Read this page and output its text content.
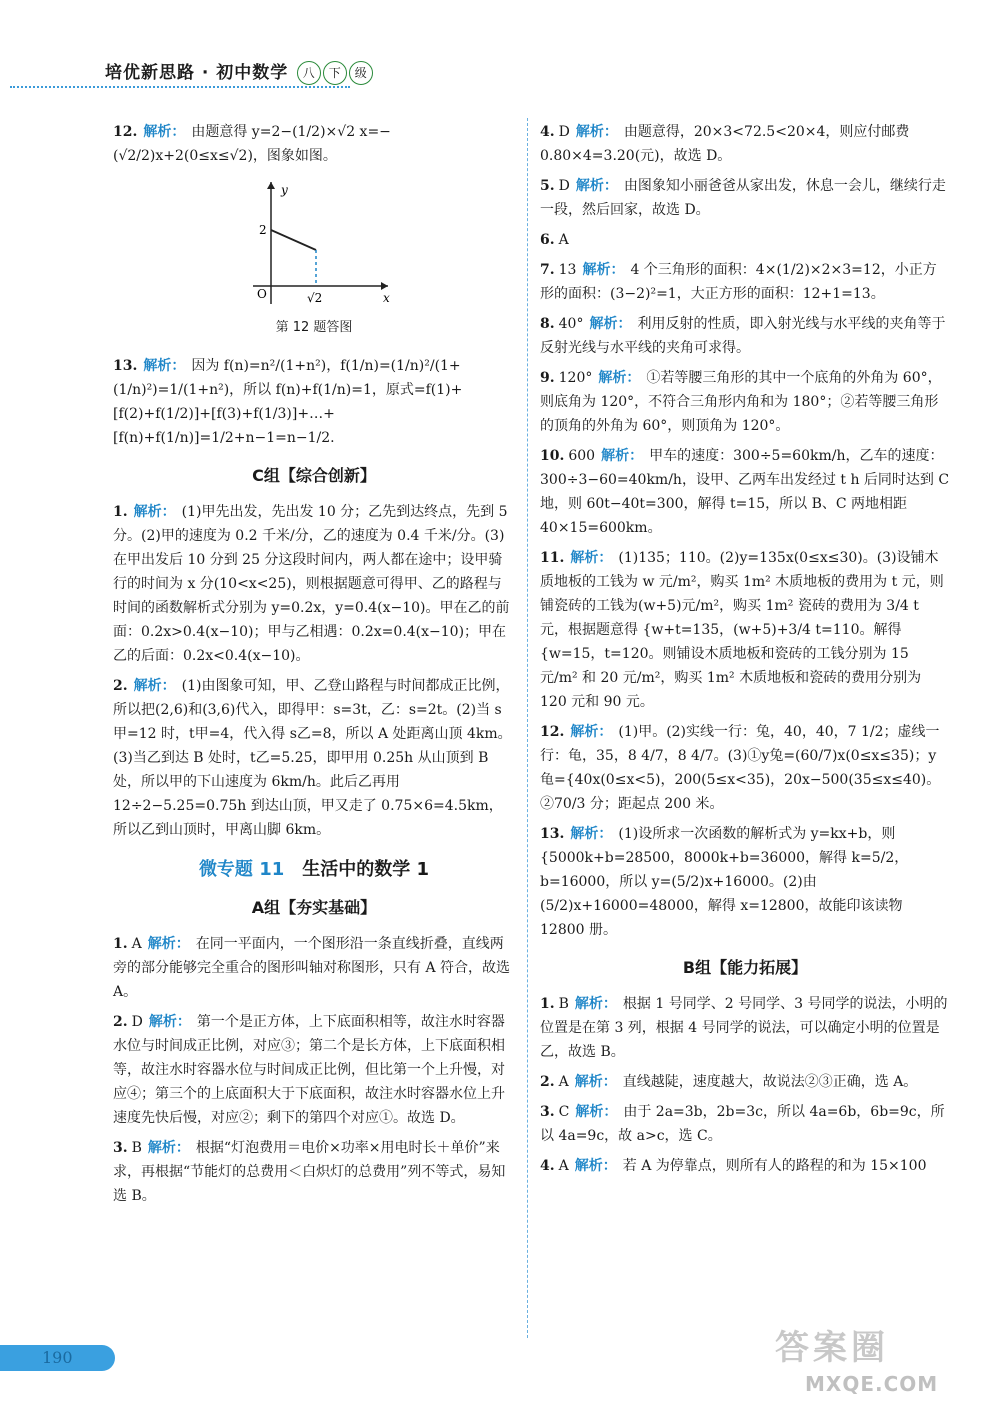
培优新思路 · 初中数学 八 下 级
12. 解析： 由题意得 y=2−(1/2)×√2 x=−(√2/2)x+2(0≤x≤√2)，图象如图。
y
x
O
2
√2
第 12 题答图
13. 解析： 因为 f(n)=n²/(1+n²)，f(1/n)=(1/n)²/(1+(1/n)²)=1/(1+n²)，所以 f(n)+f(1/n)=1，原式=f(1)+[f(2)+f(1/2)]+[f(3)+f(1/3)]+…+[f(n)+f(1/n)]=1/2+n−1=n−1/2.
C组【综合创新】
1. 解析： (1)甲先出发，先出发 10 分；乙先到达终点，先到 5 分。(2)甲的速度为 0.2 千米/分，乙的速度为 0.4 千米/分。(3)在甲出发后 10 分到 25 分这段时间内，两人都在途中；设甲骑行的时间为 x 分(10<x<25)，则根据题意可得甲、乙的路程与时间的函数解析式分别为 y=0.2x，y=0.4(x−10)。甲在乙的前面：0.2x>0.4(x−10)；甲与乙相遇：0.2x=0.4(x−10)；甲在乙的后面：0.2x<0.4(x−10)。
2. 解析： (1)由图象可知，甲、乙登山路程与时间都成正比例，所以把(2,6)和(3,6)代入，即得甲：s=3t，乙：s=2t。(2)当 s甲=12 时，t甲=4，代入得 s乙=8，所以 A 处距离山顶 4km。(3)当乙到达 B 处时，t乙=5.25，即甲用 0.25h 从山顶到 B 处，所以甲的下山速度为 6km/h。此后乙再用 12÷2−5.25=0.75h 到达山顶，甲又走了 0.75×6=4.5km，所以乙到山顶时，甲离山脚 6km。
微专题 11 生活中的数学 1
A组【夯实基础】
1. A 解析： 在同一平面内，一个图形沿一条直线折叠，直线两旁的部分能够完全重合的图形叫轴对称图形，只有 A 符合，故选 A。
2. D 解析： 第一个是正方体，上下底面积相等，故注水时容器水位与时间成正比例，对应③；第二个是长方体，上下底面积相等，故注水时容器水位与时间成正比例，但比第一个上升慢，对应④；第三个的上底面积大于下底面积，故注水时容器水位上升速度先快后慢，对应②；剩下的第四个对应①。故选 D。
3. B 解析： 根据“灯泡费用＝电价×功率×用电时长＋单价”来求，再根据“节能灯的总费用＜白炽灯的总费用”列不等式，易知选 B。
4. D 解析： 由题意得，20×3<72.5<20×4，则应付邮费 0.80×4=3.20(元)，故选 D。
5. D 解析： 由图象知小丽爸爸从家出发，休息一会儿，继续行走一段，然后回家，故选 D。
6. A
7. 13 解析： 4 个三角形的面积：4×(1/2)×2×3=12，小正方形的面积：(3−2)²=1，大正方形的面积：12+1=13。
8. 40° 解析： 利用反射的性质，即入射光线与水平线的夹角等于反射光线与水平线的夹角可求得。
9. 120° 解析： ①若等腰三角形的其中一个底角的外角为 60°，则底角为 120°，不符合三角形内角和为 180°；②若等腰三角形的顶角的外角为 60°，则顶角为 120°。
10. 600 解析： 甲车的速度：300÷5=60km/h，乙车的速度：300÷3−60=40km/h，设甲、乙两车出发经过 t h 后同时达到 C 地，则 60t−40t=300，解得 t=15，所以 B、C 两地相距 40×15=600km。
11. 解析： (1)135；110。(2)y=135x(0≤x≤30)。(3)设铺木质地板的工钱为 w 元/m²，购买 1m² 木质地板的费用为 t 元，则铺瓷砖的工钱为(w+5)元/m²，购买 1m² 瓷砖的费用为 3/4 t 元，根据题意得 {w+t=135，(w+5)+3/4 t=110。解得 {w=15，t=120。则铺设木质地板和瓷砖的工钱分别为 15 元/m² 和 20 元/m²，购买 1m² 木质地板和瓷砖的费用分别为 120 元和 90 元。
12. 解析： (1)甲。(2)实线一行：兔，40，40，7 1/2；虚线一行：龟，35，8 4/7，8 4/7。(3)①y兔=(60/7)x(0≤x≤35)；y龟={40x(0≤x<5)，200(5≤x<35)，20x−500(35≤x≤40)。②70/3 分；距起点 200 米。
13. 解析： (1)设所求一次函数的解析式为 y=kx+b，则 {5000k+b=28500，8000k+b=36000，解得 k=5/2，b=16000，所以 y=(5/2)x+16000。(2)由 (5/2)x+16000=48000，解得 x=12800，故能印该读物 12800 册。
B组【能力拓展】
1. B 解析： 根据 1 号同学、2 号同学、3 号同学的说法，小明的位置是在第 3 列，根据 4 号同学的说法，可以确定小明的位置是乙，故选 B。
2. A 解析： 直线越陡，速度越大，故说法②③正确，选 A。
3. C 解析： 由于 2a=3b，2b=3c，所以 4a=6b，6b=9c，所以 4a=9c，故 a>c，选 C。
4. A 解析： 若 A 为停靠点，则所有人的路程的和为 15×100
190	答案圈
MXQE.COM
